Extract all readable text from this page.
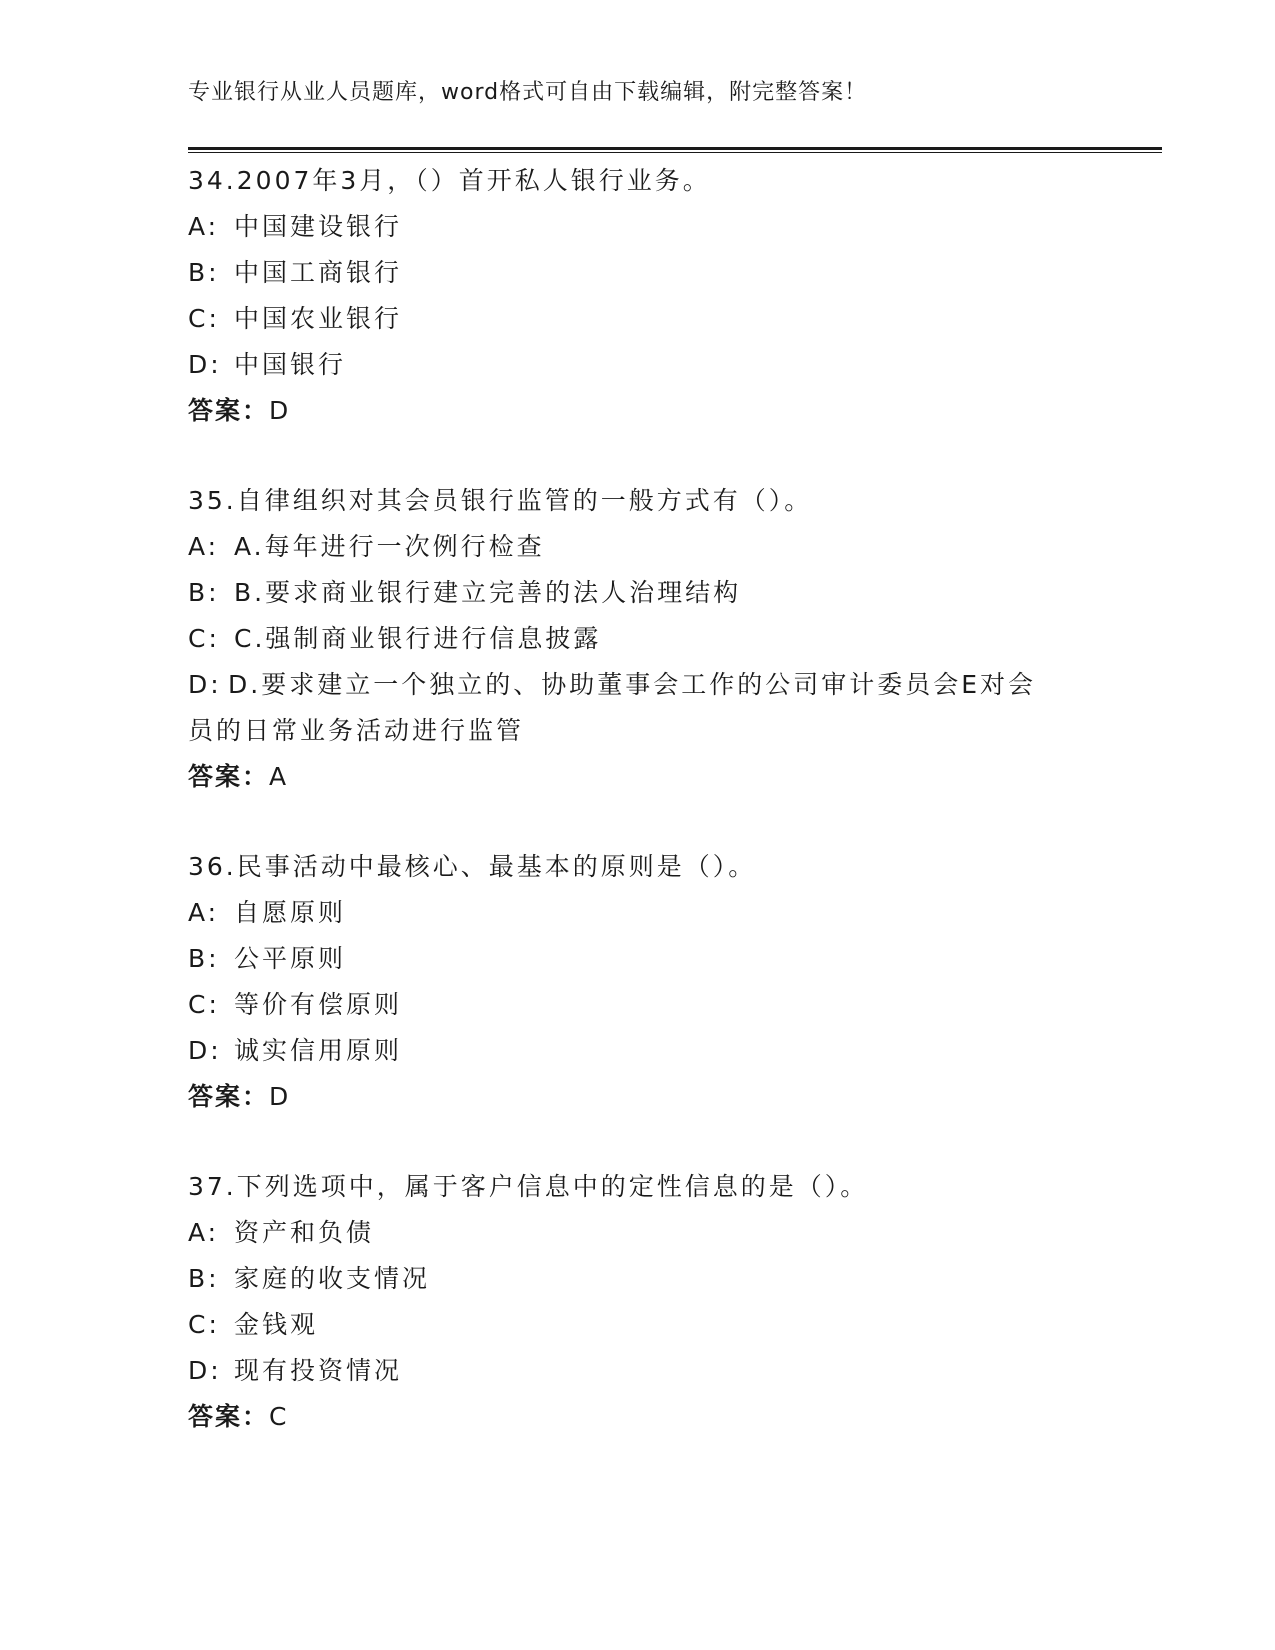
专业银行从业人员题库，word格式可自由下载编辑，附完整答案！
34.2007年3月，（）首开私人银行业务。
A: 中国建设银行
B: 中国工商银行
C: 中国农业银行
D: 中国银行
答案：D
35.自律组织对其会员银行监管的一般方式有（）。
A: A.每年进行一次例行检查
B: B.要求商业银行建立完善的法人治理结构
C: C.强制商业银行进行信息披露
D: D.要求建立一个独立的、协助董事会工作的公司审计委员会E对会员的日常业务活动进行监管
答案：A
36.民事活动中最核心、最基本的原则是（）。
A: 自愿原则
B: 公平原则
C: 等价有偿原则
D: 诚实信用原则
答案：D
37.下列选项中，属于客户信息中的定性信息的是（）。
A: 资产和负债
B: 家庭的收支情况
C: 金钱观
D: 现有投资情况
答案：C
